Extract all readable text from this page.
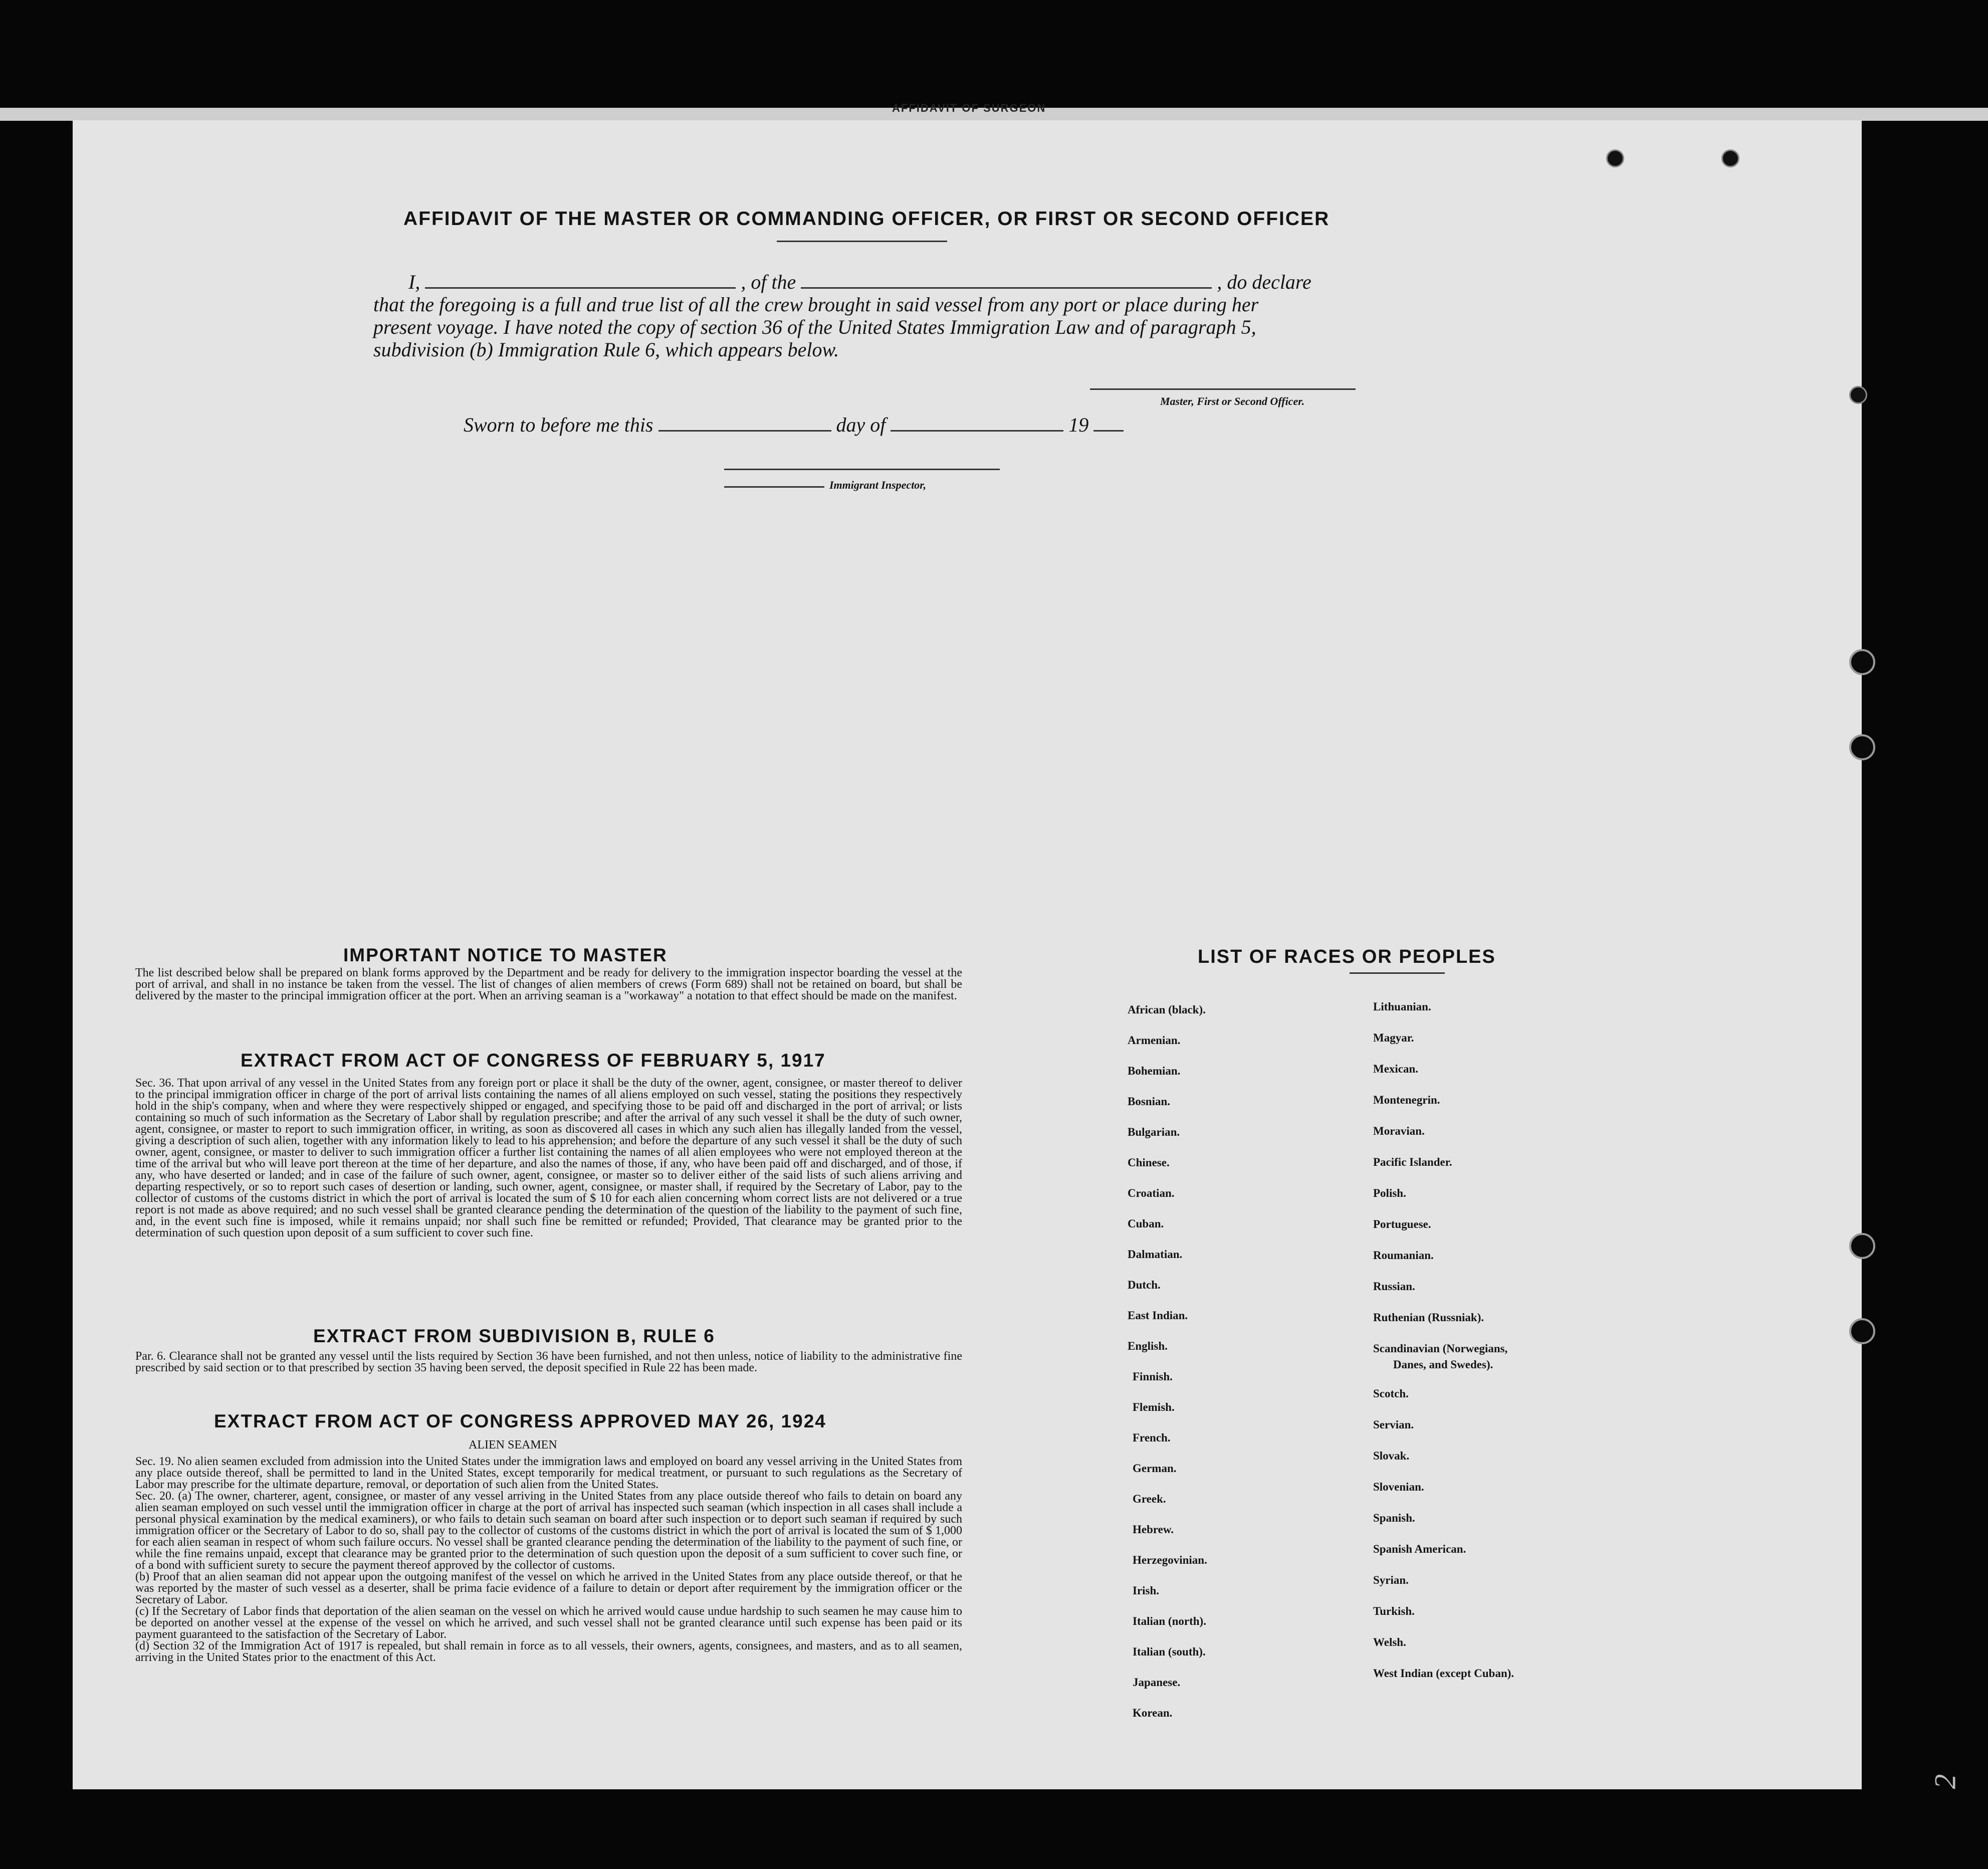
AFFIDAVIT OF SURGEON
AFFIDAVIT OF THE MASTER OR COMMANDING OFFICER, OR FIRST OR SECOND OFFICER
I,	, of the	, do declare
that the foregoing is a full and true list of all the crew brought in said vessel from any port or place during her
present voyage. I have noted the copy of section 36 of the United States Immigration Law and of paragraph 5,
subdivision (b) Immigration Rule 6, which appears below.
Master, First or Second Officer.
Sworn to before me this	day of	19
Immigrant Inspector,
IMPORTANT NOTICE TO MASTER
The list described below shall be prepared on blank forms approved by the Department and be ready for delivery to the immigration inspector boarding the vessel at the port of arrival, and shall in no instance be taken from the vessel. The list of changes of alien members of crews (Form 689) shall not be retained on board, but shall be delivered by the master to the principal immigration officer at the port. When an arriving seaman is a "workaway" a notation to that effect should be made on the manifest.
EXTRACT FROM ACT OF CONGRESS OF FEBRUARY 5, 1917
Sec. 36. That upon arrival of any vessel in the United States from any foreign port or place it shall be the duty of the owner, agent, consignee, or master thereof to deliver to the principal immigration officer in charge of the port of arrival lists containing the names of all aliens employed on such vessel, stating the positions they respectively hold in the ship's company, when and where they were respectively shipped or engaged, and specifying those to be paid off and discharged in the port of arrival; or lists containing so much of such information as the Secretary of Labor shall by regulation prescribe; and after the arrival of any such vessel it shall be the duty of such owner, agent, consignee, or master to report to such immigration officer, in writing, as soon as discovered all cases in which any such alien has illegally landed from the vessel, giving a description of such alien, together with any information likely to lead to his apprehension; and before the departure of any such vessel it shall be the duty of such owner, agent, consignee, or master to deliver to such immigration officer a further list containing the names of all alien employees who were not employed thereon at the time of the arrival but who will leave port thereon at the time of her departure, and also the names of those, if any, who have been paid off and discharged, and of those, if any, who have deserted or landed; and in case of the failure of such owner, agent, consignee, or master so to deliver either of the said lists of such aliens arriving and departing respectively, or so to report such cases of desertion or landing, such owner, agent, consignee, or master shall, if required by the Secretary of Labor, pay to the collector of customs of the customs district in which the port of arrival is located the sum of $ 10 for each alien concerning whom correct lists are not delivered or a true report is not made as above required; and no such vessel shall be granted clearance pending the determination of the question of the liability to the payment of such fine, and, in the event such fine is imposed, while it remains unpaid; nor shall such fine be remitted or refunded; Provided, That clearance may be granted prior to the determination of such question upon deposit of a sum sufficient to cover such fine.
EXTRACT FROM SUBDIVISION B, RULE 6
Par. 6. Clearance shall not be granted any vessel until the lists required by Section 36 have been furnished, and not then unless, notice of liability to the administrative fine prescribed by said section or to that prescribed by section 35 having been served, the deposit specified in Rule 22 has been made.
EXTRACT FROM ACT OF CONGRESS APPROVED MAY 26, 1924
ALIEN SEAMEN
Sec. 19. No alien seamen excluded from admission into the United States under the immigration laws and employed on board any vessel arriving in the United States from any place outside thereof, shall be permitted to land in the United States, except temporarily for medical treatment, or pursuant to such regulations as the Secretary of Labor may prescribe for the ultimate departure, removal, or deportation of such alien from the United States.
Sec. 20. (a) The owner, charterer, agent, consignee, or master of any vessel arriving in the United States from any place outside thereof who fails to detain on board any alien seaman employed on such vessel until the immigration officer in charge at the port of arrival has inspected such seaman (which inspection in all cases shall include a personal physical examination by the medical examiners), or who fails to detain such seaman on board after such inspection or to deport such seaman if required by such immigration officer or the Secretary of Labor to do so, shall pay to the collector of customs of the customs district in which the port of arrival is located the sum of $ 1,000 for each alien seaman in respect of whom such failure occurs. No vessel shall be granted clearance pending the determination of the liability to the payment of such fine, or while the fine remains unpaid, except that clearance may be granted prior to the determination of such question upon the deposit of a sum sufficient to cover such fine, or of a bond with sufficient surety to secure the payment thereof approved by the collector of customs.
(b) Proof that an alien seaman did not appear upon the outgoing manifest of the vessel on which he arrived in the United States from any place outside thereof, or that he was reported by the master of such vessel as a deserter, shall be prima facie evidence of a failure to detain or deport after requirement by the immigration officer or the Secretary of Labor.
(c) If the Secretary of Labor finds that deportation of the alien seaman on the vessel on which he arrived would cause undue hardship to such seamen he may cause him to be deported on another vessel at the expense of the vessel on which he arrived, and such vessel shall not be granted clearance until such expense has been paid or its payment guaranteed to the satisfaction of the Secretary of Labor.
(d) Section 32 of the Immigration Act of 1917 is repealed, but shall remain in force as to all vessels, their owners, agents, consignees, and masters, and as to all seamen, arriving in the United States prior to the enactment of this Act.
LIST OF RACES OR PEOPLES
African (black).
Armenian.
Bohemian.
Bosnian.
Bulgarian.
Chinese.
Croatian.
Cuban.
Dalmatian.
Dutch.
East Indian.
English.
Finnish.
Flemish.
French.
German.
Greek.
Hebrew.
Herzegovinian.
Irish.
Italian (north).
Italian (south).
Japanese.
Korean.
Lithuanian.
Magyar.
Mexican.
Montenegrin.
Moravian.
Pacific Islander.
Polish.
Portuguese.
Roumanian.
Russian.
Ruthenian (Russniak).
Scandinavian (Norwegians,
Danes, and Swedes).
Scotch.
Servian.
Slovak.
Slovenian.
Spanish.
Spanish American.
Syrian.
Turkish.
Welsh.
West Indian (except Cuban).
2
